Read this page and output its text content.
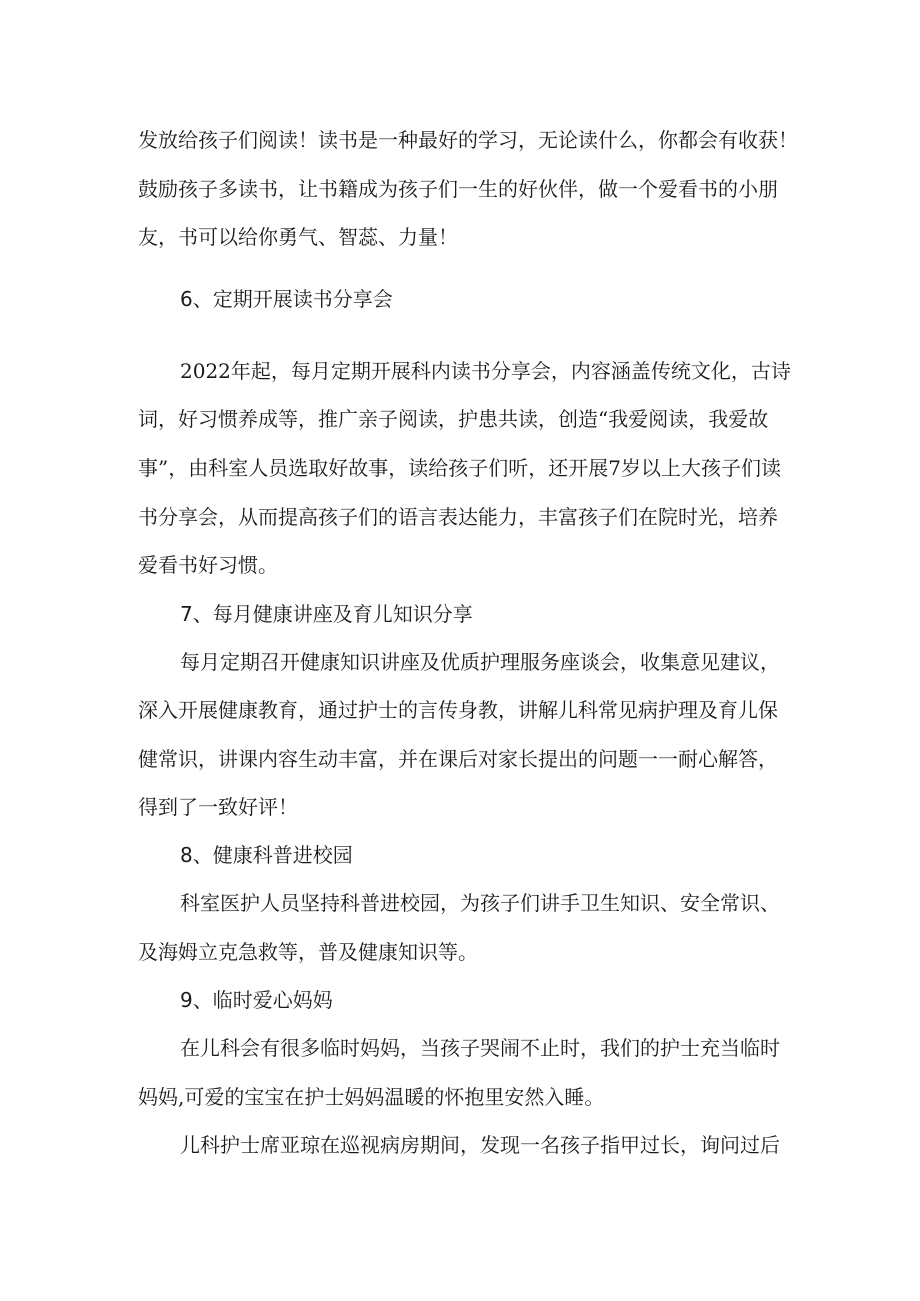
发放给孩子们阅读！读书是一种最好的学习，无论读什么，你都会有收获！
鼓励孩子多读书，让书籍成为孩子们一生的好伙伴，做一个爱看书的小朋
友，书可以给你勇气、智蕊、力量！
6、定期开展读书分享会
2022年起，每月定期开展科内读书分享会，内容涵盖传统文化，古诗
词，好习惯养成等，推广亲子阅读，护患共读，创造“我爱阅读，我爱故
事”，由科室人员选取好故事，读给孩子们听，还开展7岁以上大孩子们读
书分享会，从而提高孩子们的语言表达能力，丰富孩子们在院时光，培养
爱看书好习惯。
7、每月健康讲座及育儿知识分享
每月定期召开健康知识讲座及优质护理服务座谈会，收集意见建议，
深入开展健康教育，通过护士的言传身教，讲解儿科常见病护理及育儿保
健常识，讲课内容生动丰富，并在课后对家长提出的问题一一耐心解答，
得到了一致好评！
8、健康科普进校园
科室医护人员坚持科普进校园，为孩子们讲手卫生知识、安全常识、
及海姆立克急救等，普及健康知识等。
9、临时爱心妈妈
在儿科会有很多临时妈妈，当孩子哭闹不止时，我们的护士充当临时
妈妈,可爱的宝宝在护士妈妈温暖的怀抱里安然入睡。
儿科护士席亚琼在巡视病房期间，发现一名孩子指甲过长，询问过后
